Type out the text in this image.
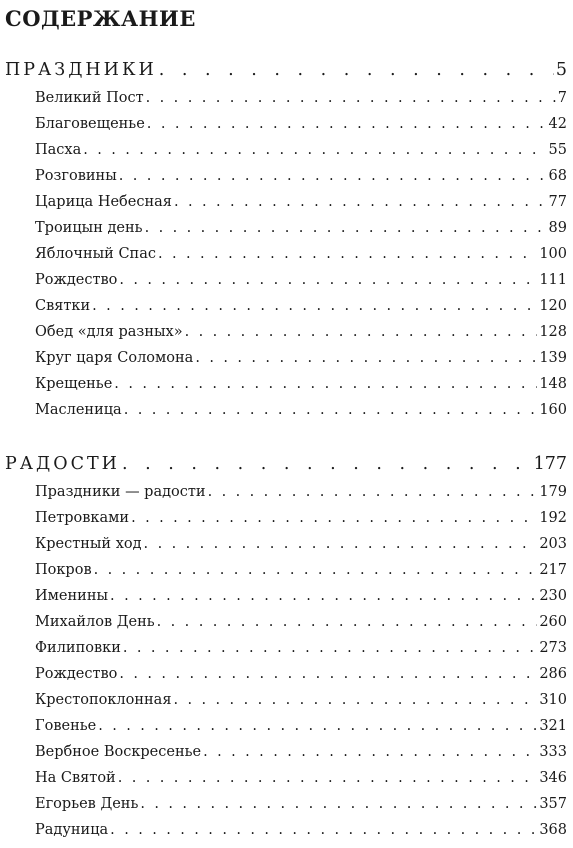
СОДЕРЖАНИЕ
ПРАЗДНИКИ . . .	5
Великий Пост . . .	7
Благовещенье . . .	42
Пасха . . .	55
Розговины . . .	68
Царица Небесная . . .	77
Троицын день . . .	89
Яблочный Спас . . .	100
Рождество . . .	111
Святки . . .	120
Обед «для разных» . . .	128
Круг царя Соломона . . .	139
Крещенье . . .	148
Масленица . . .	160
РАДОСТИ . . .	177
Праздники — радости . . .	179
Петровками . . .	192
Крестный ход . . .	203
Покров . . .	217
Именины . . .	230
Михайлов День . . .	260
Филиповки . . .	273
Рождество . . .	286
Крестопоклонная . . .	310
Говенье . . .	321
Вербное Воскресенье . . .	333
На Святой . . .	346
Егорьев День . . .	357
Радуница . . .	368
